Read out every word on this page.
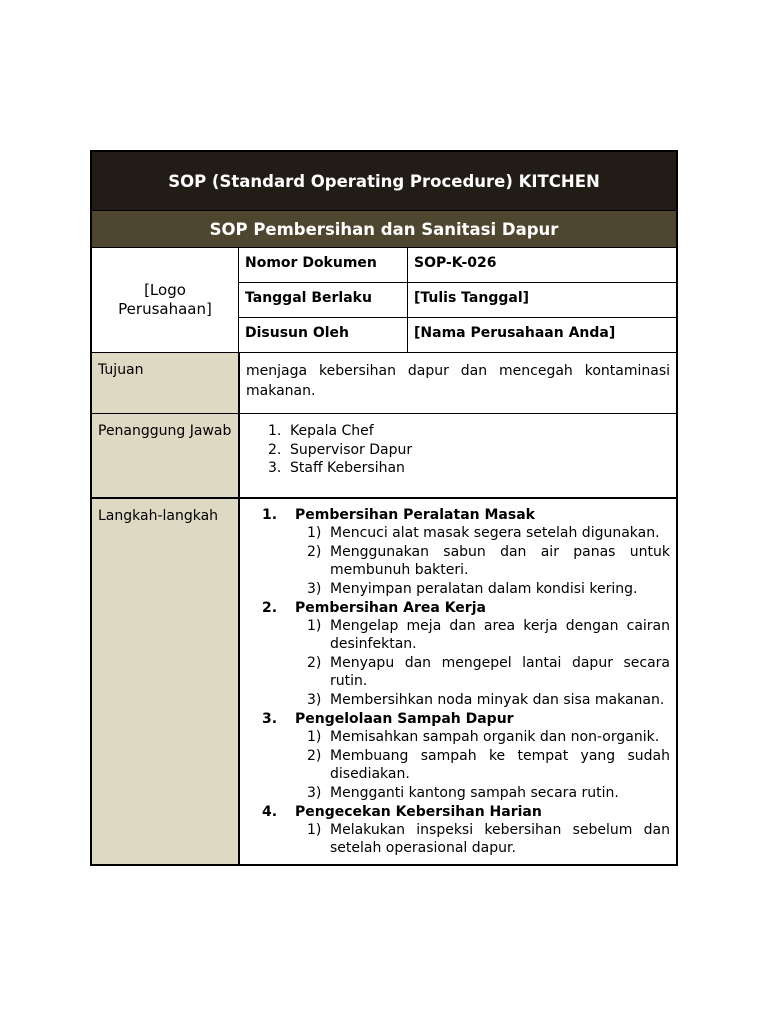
SOP (Standard Operating Procedure) KITCHEN
SOP Pembersihan dan Sanitasi Dapur
[Logo Perusahaan]
Nomor Dokumen	SOP-K-026
Tanggal Berlaku	[Tulis Tanggal]
Disusun Oleh	[Nama Perusahaan Anda]
Tujuan	menjaga kebersihan dapur dan mencegah kontaminasi makanan.
Penanggung Jawab	1. Kepala Chef
2. Supervisor Dapur
3. Staff Kebersihan
Langkah-langkah	1.	Pembersihan Peralatan Masak
1) Mencuci alat masak segera setelah digunakan.
2) Menggunakan sabun dan air panas untuk membunuh bakteri.
3) Menyimpan peralatan dalam kondisi kering.
2.	Pembersihan Area Kerja
1) Mengelap meja dan area kerja dengan cairan desinfektan.
2) Menyapu dan mengepel lantai dapur secara rutin.
3) Membersihkan noda minyak dan sisa makanan.
3.	Pengelolaan Sampah Dapur
1) Memisahkan sampah organik dan non-organik.
2) Membuang sampah ke tempat yang sudah disediakan.
3) Mengganti kantong sampah secara rutin.
4.	Pengecekan Kebersihan Harian
1) Melakukan inspeksi kebersihan sebelum dan setelah operasional dapur.
